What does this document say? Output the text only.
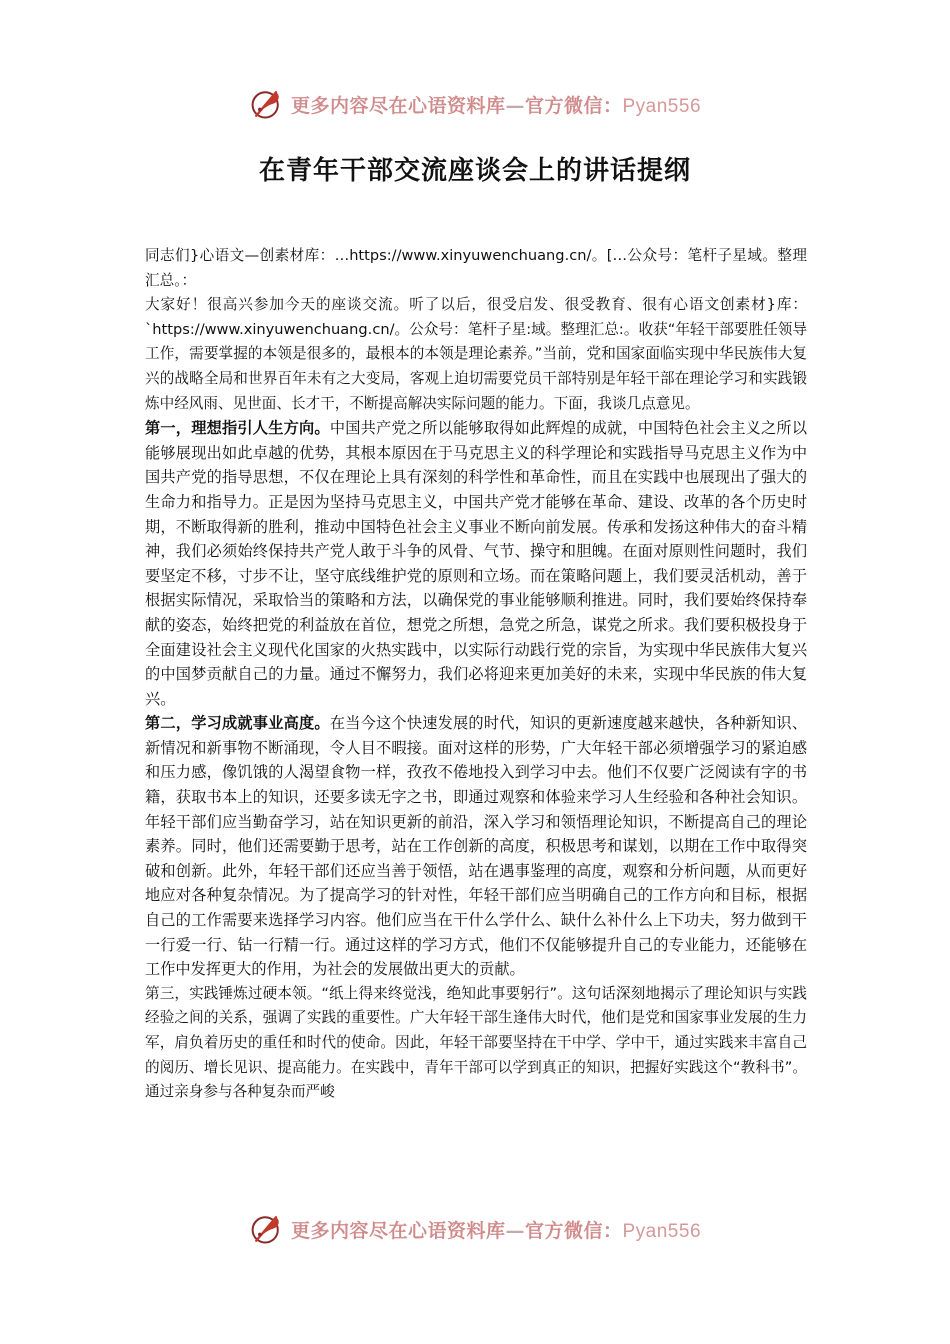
更多内容尽在心语资料库—官方微信：Pyan556
在青年干部交流座谈会上的讲话提纲

同志们}心语文—创素材库：…https://www.xinyuwenchuang.cn/。[…公众号：笔杆子星域。整理汇总。：

大家好！很高兴参加今天的座谈交流。听了以后，很受启发、很受教育、很有心语文创素材}库：`https://www.xinyuwenchuang.cn/。公众号：笔杆子星:域。整理汇总:。收获“年轻干部要胜任领导工作，需要掌握的本领是很多的，最根本的本领是理论素养。”当前，党和国家面临实现中华民族伟大复兴的战略全局和世界百年未有之大变局，客观上迫切需要党员干部特别是年轻干部在理论学习和实践锻炼中经风雨、见世面、长才干，不断提高解决实际问题的能力。下面，我谈几点意见。

第一，理想指引人生方向。中国共产党之所以能够取得如此辉煌的成就，中国特色社会主义之所以能够展现出如此卓越的优势，其根本原因在于马克思主义的科学理论和实践指导马克思主义作为中国共产党的指导思想，不仅在理论上具有深刻的科学性和革命性，而且在实践中也展现出了强大的生命力和指导力。正是因为坚持马克思主义，中国共产党才能够在革命、建设、改革的各个历史时期，不断取得新的胜利，推动中国特色社会主义事业不断向前发展。传承和发扬这种伟大的奋斗精神，我们必须始终保持共产党人敢于斗争的风骨、气节、操守和胆魄。在面对原则性问题时，我们要坚定不移，寸步不让，坚守底线维护党的原则和立场。而在策略问题上，我们要灵活机动，善于根据实际情况，采取恰当的策略和方法，以确保党的事业能够顺利推进。同时，我们要始终保持奉献的姿态，始终把党的利益放在首位，想党之所想，急党之所急，谋党之所求。我们要积极投身于全面建设社会主义现代化国家的火热实践中，以实际行动践行党的宗旨，为实现中华民族伟大复兴的中国梦贡献自己的力量。通过不懈努力，我们必将迎来更加美好的未来，实现中华民族的伟大复兴。

第二，学习成就事业高度。在当今这个快速发展的时代，知识的更新速度越来越快，各种新知识、新情况和新事物不断涌现，令人目不暇接。面对这样的形势，广大年轻干部必须增强学习的紧迫感和压力感，像饥饿的人渴望食物一样，孜孜不倦地投入到学习中去。他们不仅要广泛阅读有字的书籍，获取书本上的知识，还要多读无字之书，即通过观察和体验来学习人生经验和各种社会知识。年轻干部们应当勤奋学习，站在知识更新的前沿，深入学习和领悟理论知识，不断提高自己的理论素养。同时，他们还需要勤于思考，站在工作创新的高度，积极思考和谋划，以期在工作中取得突破和创新。此外，年轻干部们还应当善于领悟，站在遇事鉴理的高度，观察和分析问题，从而更好地应对各种复杂情况。为了提高学习的针对性，年轻干部们应当明确自己的工作方向和目标，根据自己的工作需要来选择学习内容。他们应当在干什么学什么、缺什么补什么上下功夫，努力做到干一行爱一行、钻一行精一行。通过这样的学习方式，他们不仅能够提升自己的专业能力，还能够在工作中发挥更大的作用，为社会的发展做出更大的贡献。

第三，实践锤炼过硬本领。“纸上得来终觉浅，绝知此事要躬行”。这句话深刻地揭示了理论知识与实践经验之间的关系，强调了实践的重要性。广大年轻干部生逢伟大时代，他们是党和国家事业发展的生力军，肩负着历史的重任和时代的使命。因此，年轻干部要坚持在干中学、学中干，通过实践来丰富自己的阅历、增长见识、提高能力。在实践中，青年干部可以学到真正的知识，把握好实践这个“教科书”。通过亲身参与各种复杂而严峻

更多内容尽在心语资料库—官方微信：Pyan556
